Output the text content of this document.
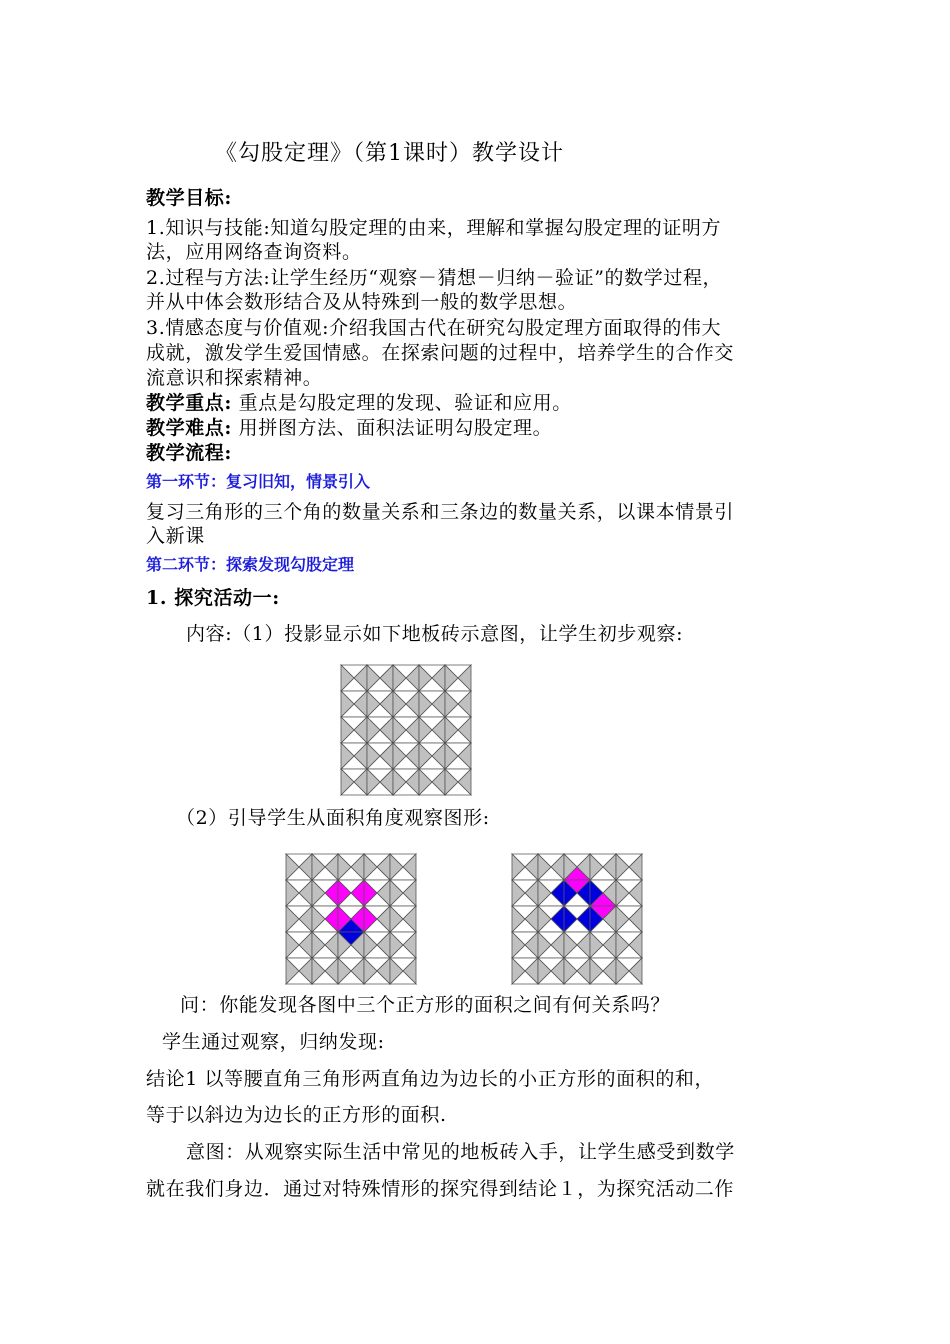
《勾股定理》（第1课时）教学设计
教学目标:
1.知识与技能:知道勾股定理的由来，理解和掌握勾股定理的证明方
法，应用网络查询资料。
2.过程与方法:让学生经历“观察－猜想－归纳－验证”的数学过程，
并从中体会数形结合及从特殊到一般的数学思想。
3.情感态度与价值观:介绍我国古代在研究勾股定理方面取得的伟大
成就，激发学生爱国情感。在探索问题的过程中，培养学生的合作交
流意识和探索精神。
教学重点: 重点是勾股定理的发现、验证和应用。
教学难点: 用拼图方法、面积法证明勾股定理。
教学流程:
第一环节：复习旧知，情景引入
复习三角形的三个角的数量关系和三条边的数量关系，以课本情景引
入新课
第二环节：探索发现勾股定理
1. 探究活动一:
内容:（1）投影显示如下地板砖示意图，让学生初步观察:
（2）引导学生从面积角度观察图形:
问：你能发现各图中三个正方形的面积之间有何关系吗？
学生通过观察，归纳发现:
结论1 以等腰直角三角形两直角边为边长的小正方形的面积的和，
等于以斜边为边长的正方形的面积.
意图：从观察实际生活中常见的地板砖入手，让学生感受到数学
就在我们身边．通过对特殊情形的探究得到结论１，为探究活动二作
